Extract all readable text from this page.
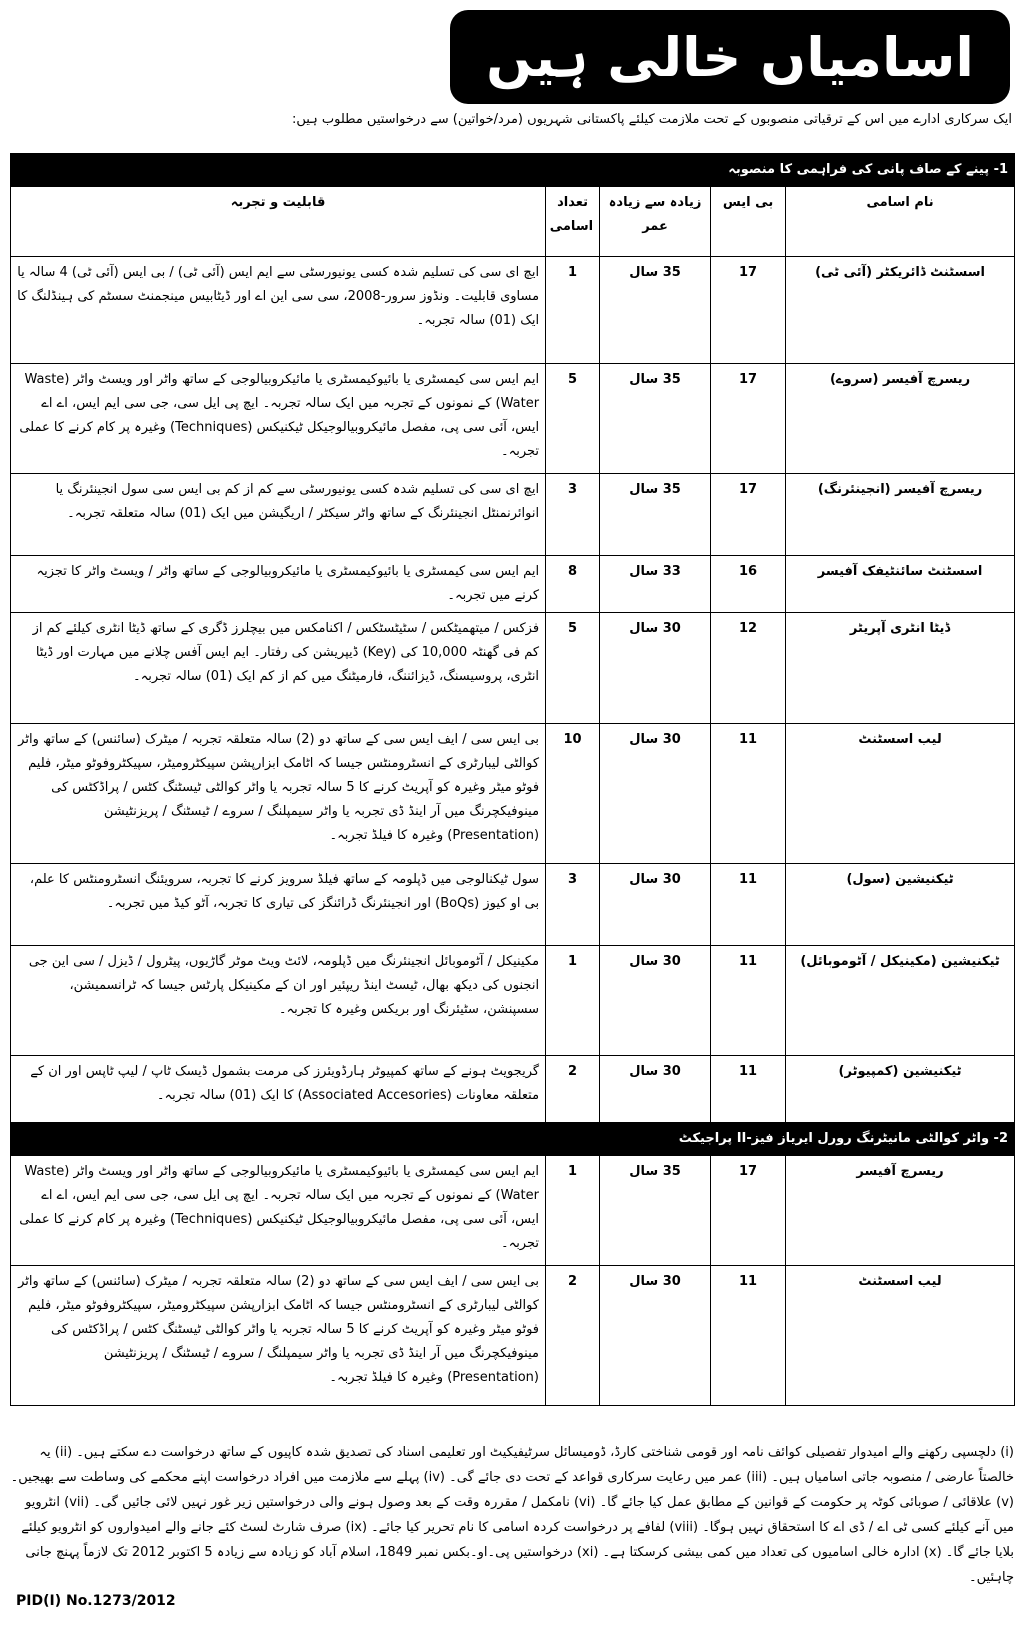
اسامیاں خالی ہیں
ایک سرکاری ادارے میں اس کے ترقیاتی منصوبوں کے تحت ملازمت کیلئے پاکستانی شہریوں (مرد/خواتین) سے درخواستیں مطلوب ہیں:
1- پینے کے صاف پانی کی فراہمی کا منصوبہ				
نام اسامی	بی ایس	زیادہ سے زیادہ عمر	تعداد اسامی	قابلیت و تجربہ
اسسٹنٹ ڈائریکٹر (آئی ٹی)	17	35 سال	1	ایچ ای سی کی تسلیم شدہ کسی یونیورسٹی سے ایم ایس (آئی ٹی) / بی ایس (آئی ٹی) 4 سالہ یا مساوی قابلیت۔ ونڈوز سرور-2008، سی سی این اے اور ڈیٹابیس مینجمنٹ سسٹم کی ہینڈلنگ کا ایک (01) سالہ تجربہ۔
ریسرچ آفیسر (سروے)	17	35 سال	5	ایم ایس سی کیمسٹری یا بائیوکیمسٹری یا مائیکروبیالوجی کے ساتھ واٹر اور ویسٹ واٹر (Waste Water) کے نمونوں کے تجربہ میں ایک سالہ تجربہ۔ ایچ پی ایل سی، جی سی ایم ایس، اے اے ایس، آئی سی پی، مفصل مائیکروبیالوجیکل ٹیکنیکس (Techniques) وغیرہ پر کام کرنے کا عملی تجربہ۔
ریسرچ آفیسر (انجینئرنگ)	17	35 سال	3	ایچ ای سی کی تسلیم شدہ کسی یونیورسٹی سے کم از کم بی ایس سی سول انجینئرنگ یا انوائرنمنٹل انجینئرنگ کے ساتھ واٹر سیکٹر / اریگیشن میں ایک (01) سالہ متعلقہ تجربہ۔
اسسٹنٹ سائنٹیفک آفیسر	16	33 سال	8	ایم ایس سی کیمسٹری یا بائیوکیمسٹری یا مائیکروبیالوجی کے ساتھ واٹر / ویسٹ واٹر کا تجزیہ کرنے میں تجربہ۔
ڈیٹا انٹری آپریٹر	12	30 سال	5	فزکس / میتھمیٹکس / سٹیٹسٹکس / اکنامکس میں بیچلرز ڈگری کے ساتھ ڈیٹا انٹری کیلئے کم از کم فی گھنٹہ 10,000 کی (Key) ڈیپریشن کی رفتار۔ ایم ایس آفس چلانے میں مہارت اور ڈیٹا انٹری، پروسیسنگ، ڈیزائننگ، فارمیٹنگ میں کم از کم ایک (01) سالہ تجربہ۔
لیب اسسٹنٹ	11	30 سال	10	بی ایس سی / ایف ایس سی کے ساتھ دو (2) سالہ متعلقہ تجربہ / میٹرک (سائنس) کے ساتھ واٹر کوالٹی لیبارٹری کے انسٹرومنٹس جیسا کہ اٹامک ابزارپشن سپیکٹرومیٹر، سپیکٹروفوٹو میٹر، فلیم فوٹو میٹر وغیرہ کو آپریٹ کرنے کا 5 سالہ تجربہ یا واٹر کوالٹی ٹیسٹنگ کٹس / پراڈکٹس کی مینوفیکچرنگ میں آر اینڈ ڈی تجربہ یا واٹر سیمپلنگ / سروے / ٹیسٹنگ / پریزنٹیشن (Presentation) وغیرہ کا فیلڈ تجربہ۔
ٹیکنیشین (سول)	11	30 سال	3	سول ٹیکنالوجی میں ڈپلومہ کے ساتھ فیلڈ سرویز کرنے کا تجربہ، سرویئنگ انسٹرومنٹس کا علم، بی او کیوز (BoQs) اور انجینئرنگ ڈرائنگز کی تیاری کا تجربہ، آٹو کیڈ میں تجربہ۔
ٹیکنیشین (مکینیکل / آٹوموبائل)	11	30 سال	1	مکینیکل / آٹوموبائل انجینئرنگ میں ڈپلومہ، لائٹ ویٹ موٹر گاڑیوں، پیٹرول / ڈیزل / سی این جی انجنوں کی دیکھ بھال، ٹیسٹ اینڈ ریپئیر اور ان کے مکینیکل پارٹس جیسا کہ ٹرانسمیشن، سسپنشن، سٹیئرنگ اور بریکس وغیرہ کا تجربہ۔
ٹیکنیشین (کمپیوٹر)	11	30 سال	2	گریجویٹ ہونے کے ساتھ کمپیوٹر ہارڈویئرز کی مرمت بشمول ڈیسک ٹاپ / لیپ ٹاپس اور ان کے متعلقہ معاونات (Associated Accesories) کا ایک (01) سالہ تجربہ۔
2- واٹر کوالٹی مانیٹرنگ رورل ایریاز فیز-II پراجیکٹ				
ریسرچ آفیسر	17	35 سال	1	ایم ایس سی کیمسٹری یا بائیوکیمسٹری یا مائیکروبیالوجی کے ساتھ واٹر اور ویسٹ واٹر (Waste Water) کے نمونوں کے تجربہ میں ایک سالہ تجربہ۔ ایچ پی ایل سی، جی سی ایم ایس، اے اے ایس، آئی سی پی، مفصل مائیکروبیالوجیکل ٹیکنیکس (Techniques) وغیرہ پر کام کرنے کا عملی تجربہ۔
لیب اسسٹنٹ	11	30 سال	2	بی ایس سی / ایف ایس سی کے ساتھ دو (2) سالہ متعلقہ تجربہ / میٹرک (سائنس) کے ساتھ واٹر کوالٹی لیبارٹری کے انسٹرومنٹس جیسا کہ اٹامک ابزارپشن سپیکٹرومیٹر، سپیکٹروفوٹو میٹر، فلیم فوٹو میٹر وغیرہ کو آپریٹ کرنے کا 5 سالہ تجربہ یا واٹر کوالٹی ٹیسٹنگ کٹس / پراڈکٹس کی مینوفیکچرنگ میں آر اینڈ ڈی تجربہ یا واٹر سیمپلنگ / سروے / ٹیسٹنگ / پریزنٹیشن (Presentation) وغیرہ کا فیلڈ تجربہ۔
(i) دلچسپی رکھنے والے امیدوار تفصیلی کوائف نامہ اور قومی شناختی کارڈ، ڈومیسائل سرٹیفیکیٹ اور تعلیمی اسناد کی تصدیق شدہ کاپیوں کے ساتھ درخواست دے سکتے ہیں۔ (ii) یہ خالصتاً عارضی / منصوبہ جاتی اسامیاں ہیں۔ (iii) عمر میں رعایت سرکاری قواعد کے تحت دی جائے گی۔ (iv) پہلے سے ملازمت میں افراد درخواست اپنے محکمے کی وساطت سے بھیجیں۔ (v) علاقائی / صوبائی کوٹہ پر حکومت کے قوانین کے مطابق عمل کیا جائے گا۔ (vi) نامکمل / مقررہ وقت کے بعد وصول ہونے والی درخواستیں زیر غور نہیں لائی جائیں گی۔ (vii) انٹرویو میں آنے کیلئے کسی ٹی اے / ڈی اے کا استحقاق نہیں ہوگا۔ (viii) لفافے پر درخواست کردہ اسامی کا نام تحریر کیا جائے۔ (ix) صرف شارٹ لسٹ کئے جانے والے امیدواروں کو انٹرویو کیلئے بلایا جائے گا۔ (x) ادارہ خالی اسامیوں کی تعداد میں کمی بیشی کرسکتا ہے۔ (xi) درخواستیں پی۔او۔بکس نمبر 1849، اسلام آباد کو زیادہ سے زیادہ 5 اکتوبر 2012 تک لازماً پہنچ جانی چاہئیں۔
PID(I) No.1273/2012
